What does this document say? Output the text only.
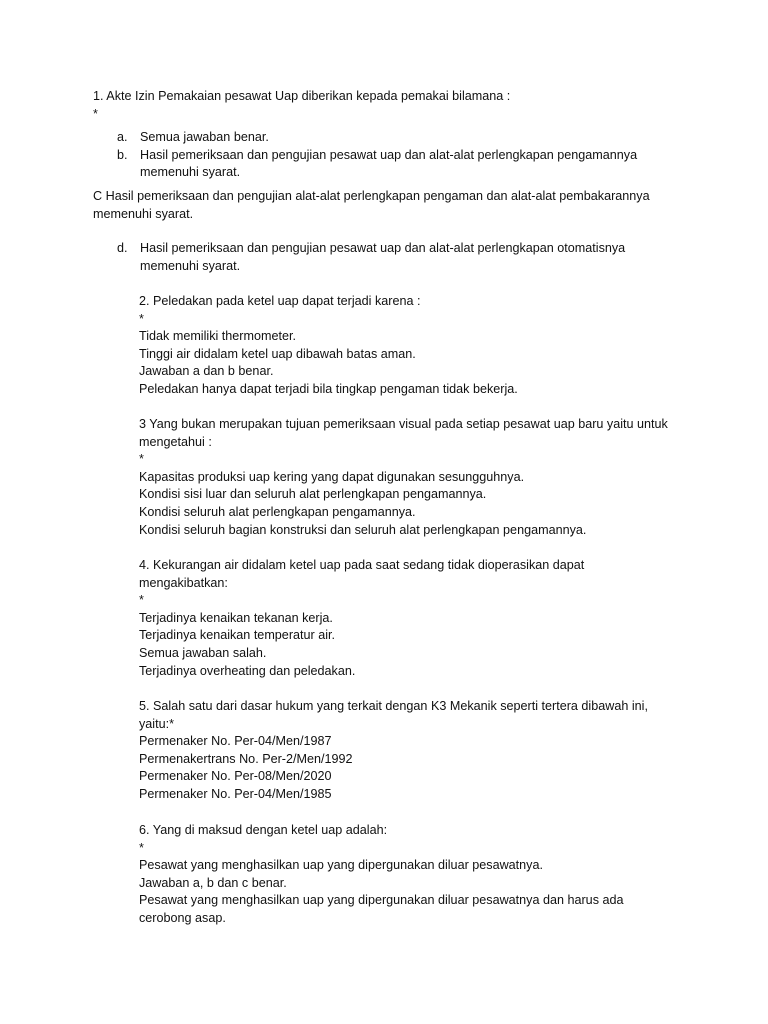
1. Akte Izin Pemakaian pesawat Uap diberikan kepada pemakai bilamana :
*
a. Semua jawaban benar.
b. Hasil pemeriksaan dan pengujian pesawat uap dan alat-alat perlengkapan pengamannya memenuhi syarat.
C Hasil pemeriksaan dan pengujian alat-alat perlengkapan pengaman dan alat-alat pembakarannya memenuhi syarat.
d. Hasil pemeriksaan dan pengujian pesawat uap dan alat-alat perlengkapan otomatisnya memenuhi syarat.
2. Peledakan pada ketel uap dapat terjadi karena :
*
Tidak memiliki thermometer.
Tinggi air didalam ketel uap dibawah batas aman.
Jawaban a dan b benar.
Peledakan hanya dapat terjadi bila tingkap pengaman tidak bekerja.
3 Yang bukan merupakan tujuan pemeriksaan visual pada setiap pesawat uap baru yaitu untuk mengetahui :
*
Kapasitas produksi uap kering yang dapat digunakan sesungguhnya.
Kondisi sisi luar dan seluruh alat perlengkapan pengamannya.
Kondisi seluruh alat perlengkapan pengamannya.
Kondisi seluruh bagian konstruksi dan seluruh alat perlengkapan pengamannya.
4. Kekurangan air didalam ketel uap pada saat sedang tidak dioperasikan dapat mengakibatkan:
*
Terjadinya kenaikan tekanan kerja.
Terjadinya kenaikan temperatur air.
Semua jawaban salah.
Terjadinya overheating dan peledakan.
5. Salah satu dari dasar hukum yang terkait dengan K3 Mekanik seperti tertera dibawah ini, yaitu:*
Permenaker No. Per-04/Men/1987
Permenakertrans No. Per-2/Men/1992
Permenaker No. Per-08/Men/2020
Permenaker No. Per-04/Men/1985
6. Yang di maksud dengan ketel uap adalah:
*
Pesawat yang menghasilkan uap yang dipergunakan diluar pesawatnya.
Jawaban a, b dan c benar.
Pesawat yang menghasilkan uap yang dipergunakan diluar pesawatnya dan harus ada cerobong asap.
